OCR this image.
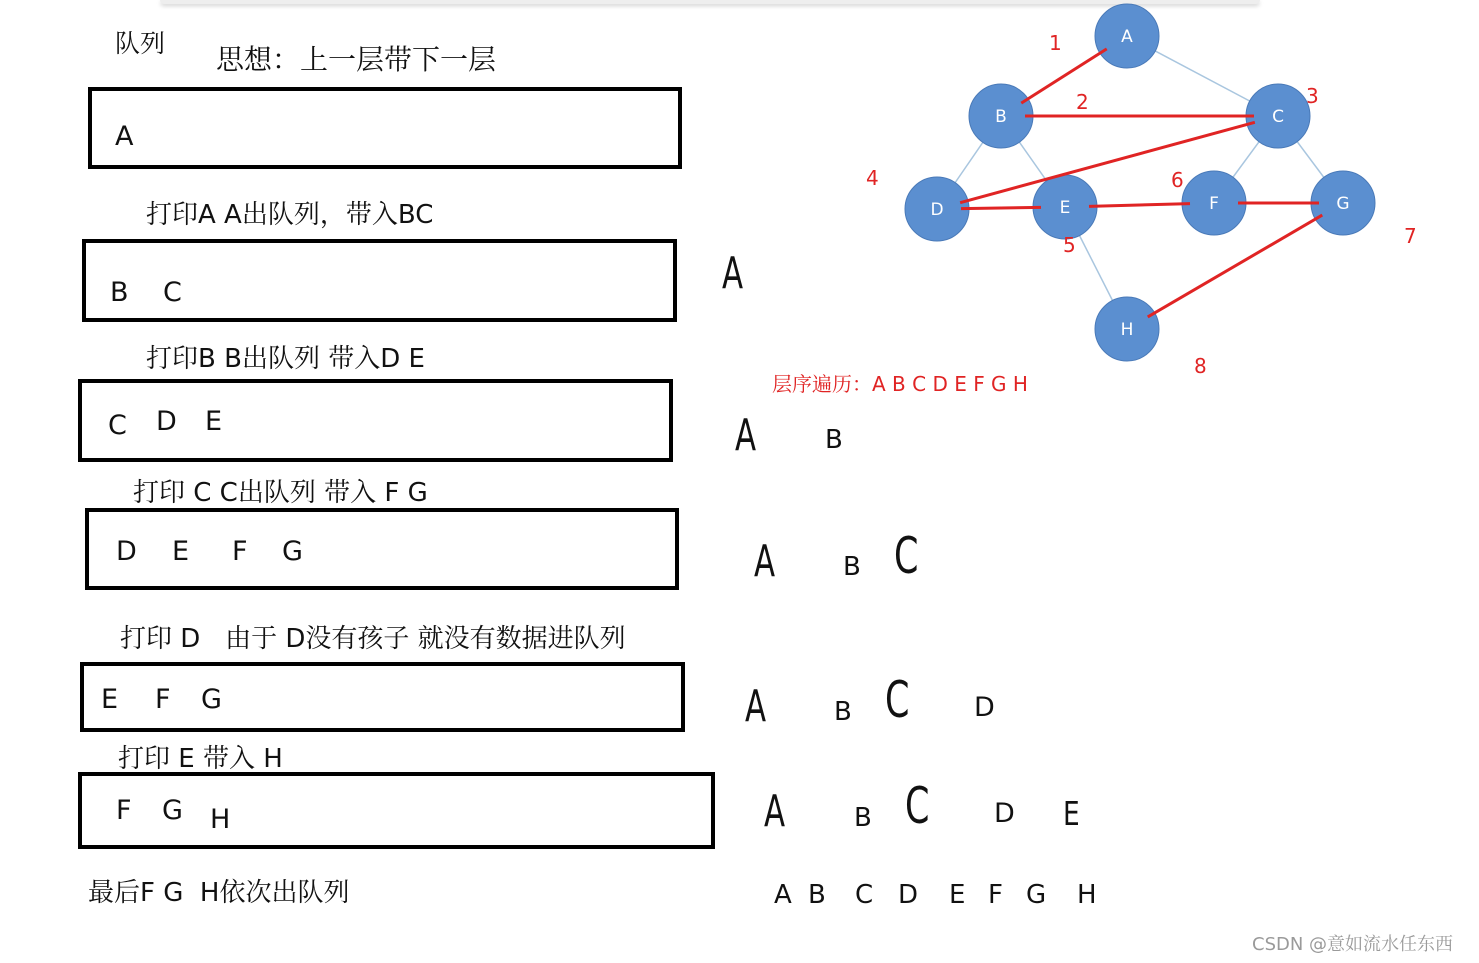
队列 思想：上一层带下一层
A
B C
C D E
D E F G
E F G
F G H
打印A A出队列，带入BC
打印B B出队列 带入D E
打印 C C出队列 带入 F G
打印 D   由于 D没有孩子 就没有数据进队列
打印 E 带入 H
最后F G  H依次出队列
A
A	B
A	B C
A	B C D
A	B C D E
A B C D E F G H
A
B	C
D	E	F	G
H
1
2	3
4
5
6
7
8
层序遍历：A B C D E F G H
CSDN @意如流水任东西
